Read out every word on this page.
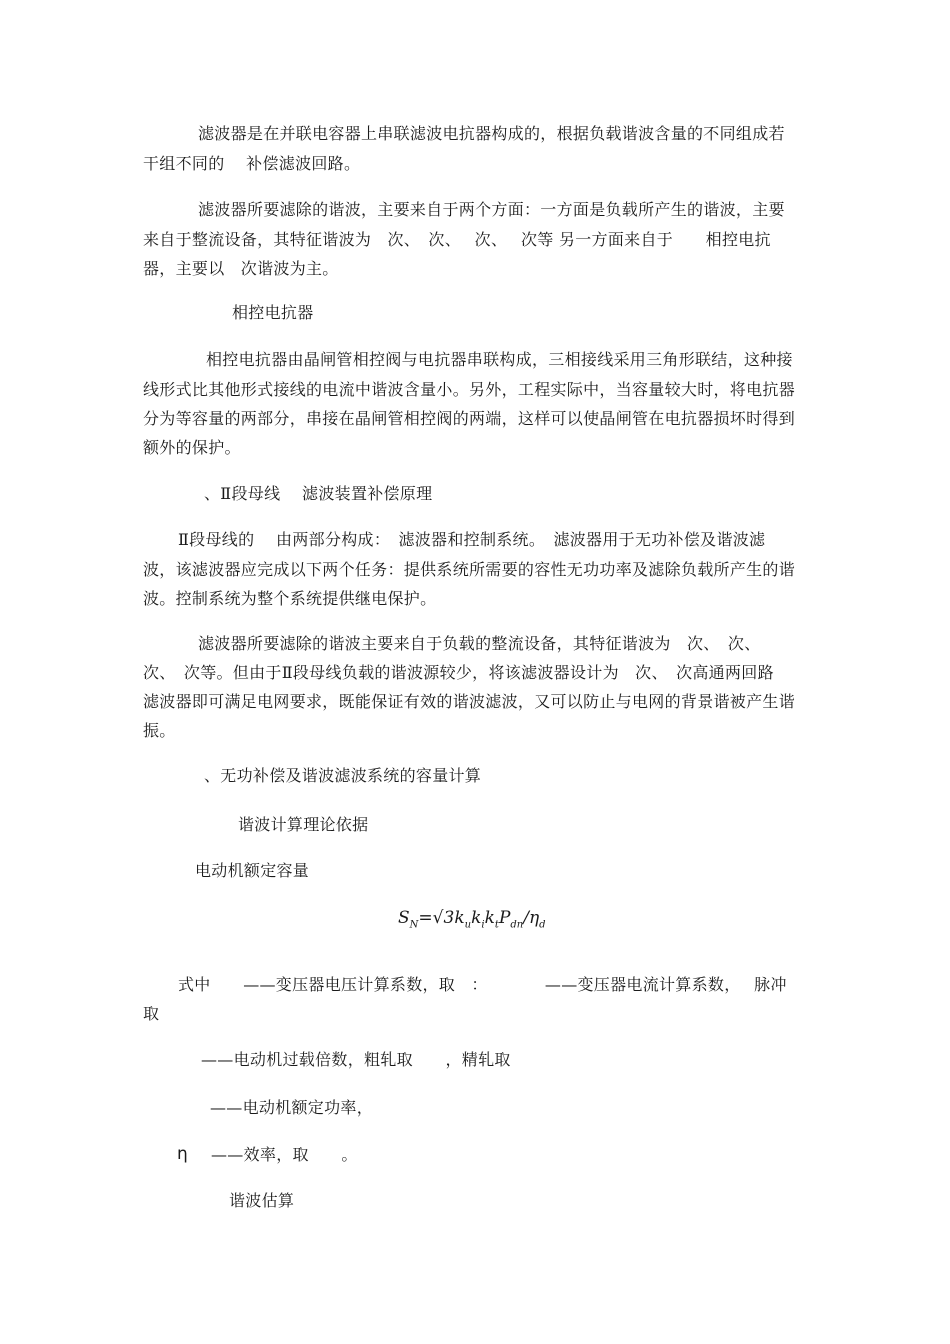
滤波器是在并联电容器上串联滤波电抗器构成的，根据负载谐波含量的不同组成若
干组不同的　 补偿滤波回路。
滤波器所要滤除的谐波，主要来自于两个方面：一方面是负载所产生的谐波，主要
来自于整流设备，其特征谐波为　次、　次、　 次、　 次等 另一方面来自于　　相控电抗
器，主要以　次谐波为主。
相控电抗器
相控电抗器由晶闸管相控阀与电抗器串联构成，三相接线采用三角形联结，这种接
线形式比其他形式接线的电流中谐波含量小。另外，工程实际中，当容量较大时，将电抗器
分为等容量的两部分，串接在晶闸管相控阀的两端，这样可以使晶闸管在电抗器损坏时得到
额外的保护。
、Ⅱ段母线　 滤波装置补偿原理
Ⅱ段母线的　 由两部分构成：　滤波器和控制系统。　滤波器用于无功补偿及谐波滤
波，该滤波器应完成以下两个任务：提供系统所需要的容性无功功率及滤除负载所产生的谐
波。控制系统为整个系统提供继电保护。
滤波器所要滤除的谐波主要来自于负载的整流设备，其特征谐波为　次、　次、
次、　次等。但由于Ⅱ段母线负载的谐波源较少，将该滤波器设计为　次、　次高通两回路
滤波器即可满足电网要求，既能保证有效的谐波滤波，又可以防止与电网的背景谐被产生谐
振。
、无功补偿及谐波滤波系统的容量计算
谐波计算理论依据
电动机额定容量
$S_N=√3k_uk_ik_tP_{dn}/\eta_d$
式中　　——变压器电压计算系数，取　：　　　　——变压器电流计算系数，　 脉冲
取
——电动机过载倍数，粗轧取　　，精轧取
——电动机额定功率，
η ——效率，取　　。
谐波估算
